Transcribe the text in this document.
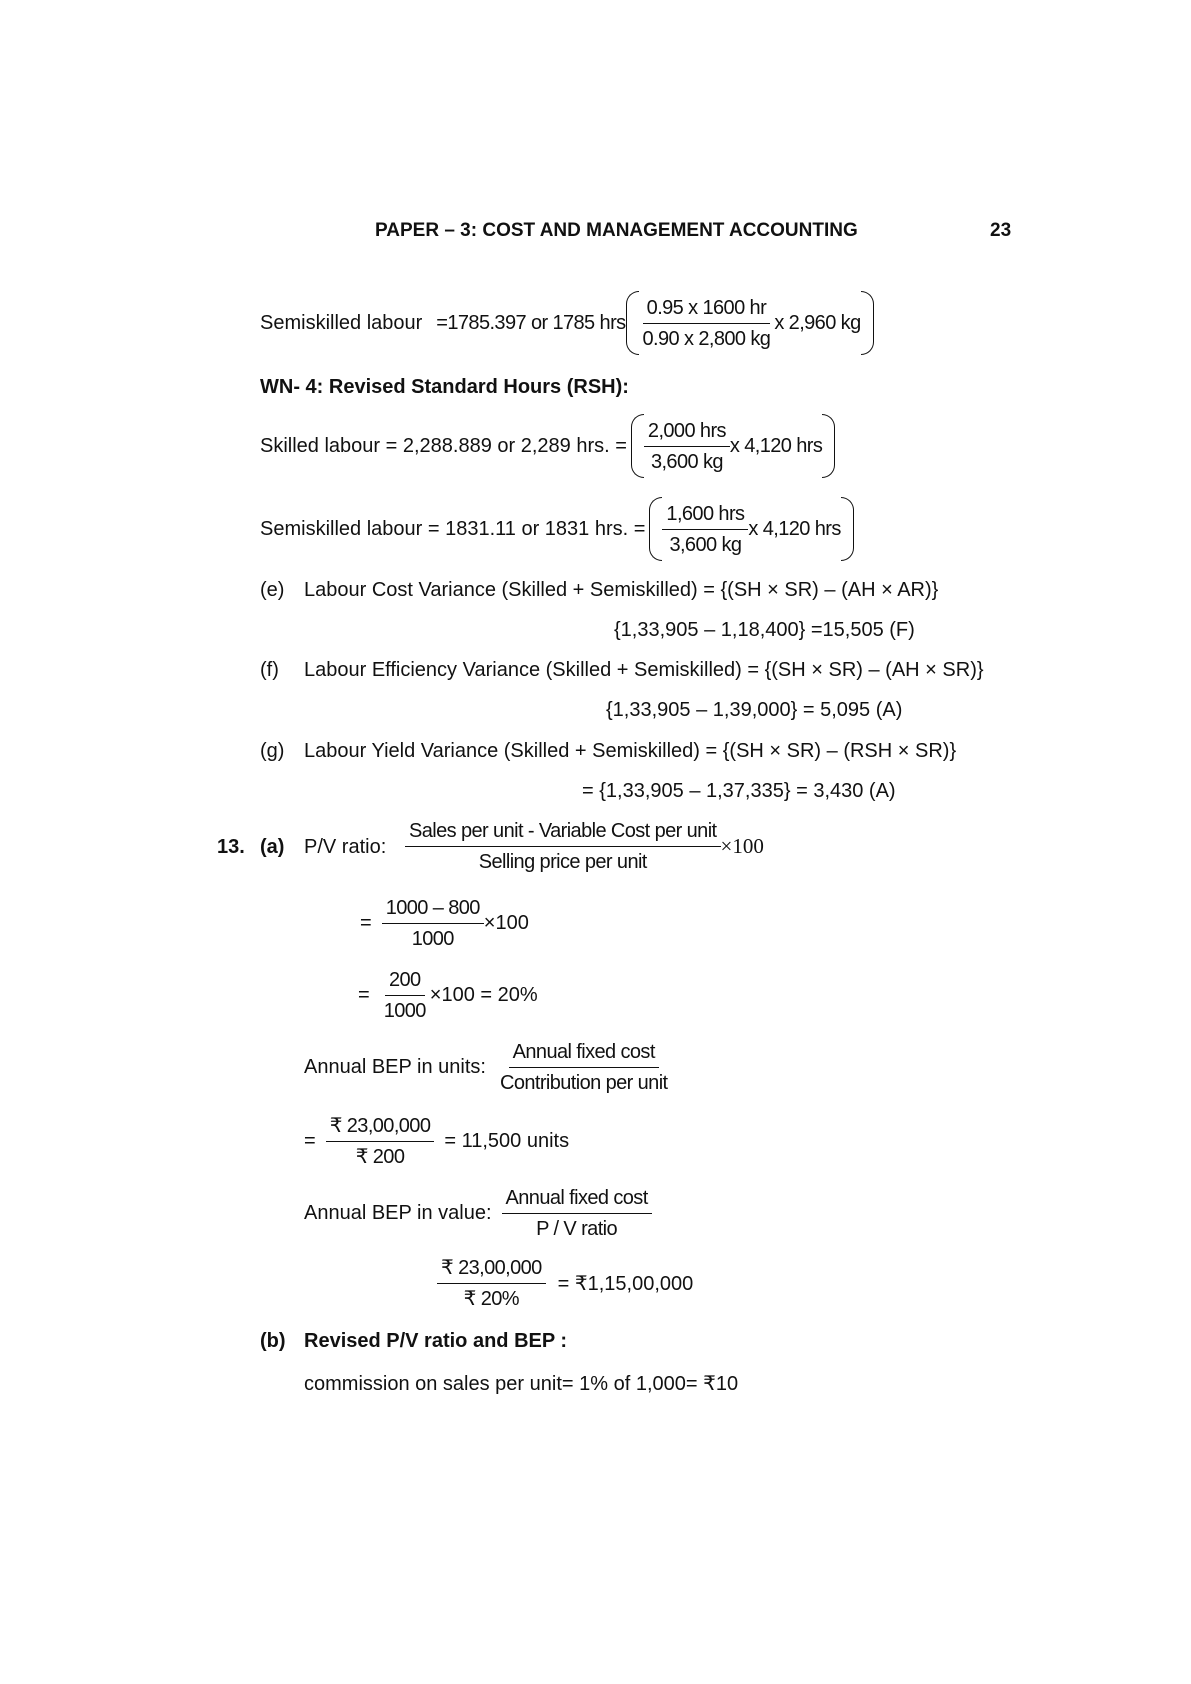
PAPER – 3: COST AND MANAGEMENT ACCOUNTING	23
Semiskilled labour =1785.397 or 1785 hrs $\frac{0.95 x 1600 hr}{0.90 x 2,800 kg}$ x 2,960 kg
WN- 4: Revised Standard Hours (RSH):
Skilled labour = 2,288.889 or 2,289 hrs. = $\frac{\text{2,000 hrs}}{3,600 kg}$ x 4,120 hrs
Semiskilled labour = 1831.11 or 1831 hrs. = $\frac{\text{1,600 hrs}}{3,600 kg}$ x 4,120 hrs
(e) Labour Cost Variance (Skilled + Semiskilled) = {(SH × SR) – (AH × AR)}
{1,33,905 – 1,18,400} =15,505 (F)
(f) Labour Efficiency Variance (Skilled + Semiskilled) = {(SH × SR) – (AH × SR)}
{1,33,905 – 1,39,000} = 5,095 (A)
(g) Labour Yield Variance (Skilled + Semiskilled) = {(SH × SR) – (RSH × SR)}
= {1,33,905 – 1,37,335} = 3,430 (A)
13. (a) P/V ratio: $\frac{\text{Sales per unit - Variable Cost per unit}}{\text{Selling price per unit}} \times 100$
= $\frac{1000 - 800}{1000} \times 100$
= $\frac{200}{1000} \times 100 = 20\%$
Annual BEP in units: $\frac{\text{Annual fixed cost}}{\text{Contribution per unit}}$
= $\frac{₹ 23,00,000}{₹ 200} = 11,500$ units
Annual BEP in value: $\frac{\text{Annual fixed cost}}{\text{P / V ratio}}$
$\frac{₹ 23,00,000}{₹ 20\%}$ = ₹1,15,00,000
(b) Revised P/V ratio and BEP :
commission on sales per unit= 1% of 1,000= ₹10
